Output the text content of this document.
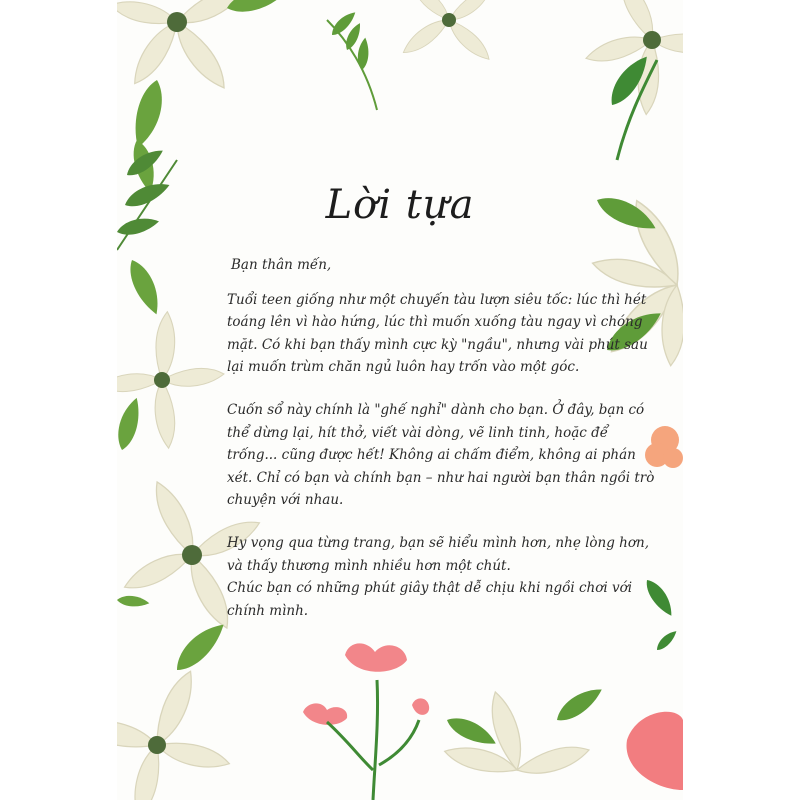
Lời tựa

Bạn thân mến,

Tuổi teen giống như một chuyến tàu lượn siêu tốc: lúc thì hét toáng lên vì hào hứng, lúc thì muốn xuống tàu ngay vì chóng mặt. Có khi bạn thấy mình cực kỳ "ngầu", nhưng vài phút sau lại muốn trùm chăn ngủ luôn hay trốn vào một góc.

Cuốn sổ này chính là "ghế nghỉ" dành cho bạn. Ở đây, bạn có thể dừng lại, hít thở, viết vài dòng, vẽ linh tinh, hoặc để trống... cũng được hết! Không ai chấm điểm, không ai phán xét. Chỉ có bạn và chính bạn – như hai người bạn thân ngồi trò chuyện với nhau.

Hy vọng qua từng trang, bạn sẽ hiểu mình hơn, nhẹ lòng hơn, và thấy thương mình nhiều hơn một chút.

Chúc bạn có những phút giây thật dễ chịu khi ngồi chơi với chính mình.
